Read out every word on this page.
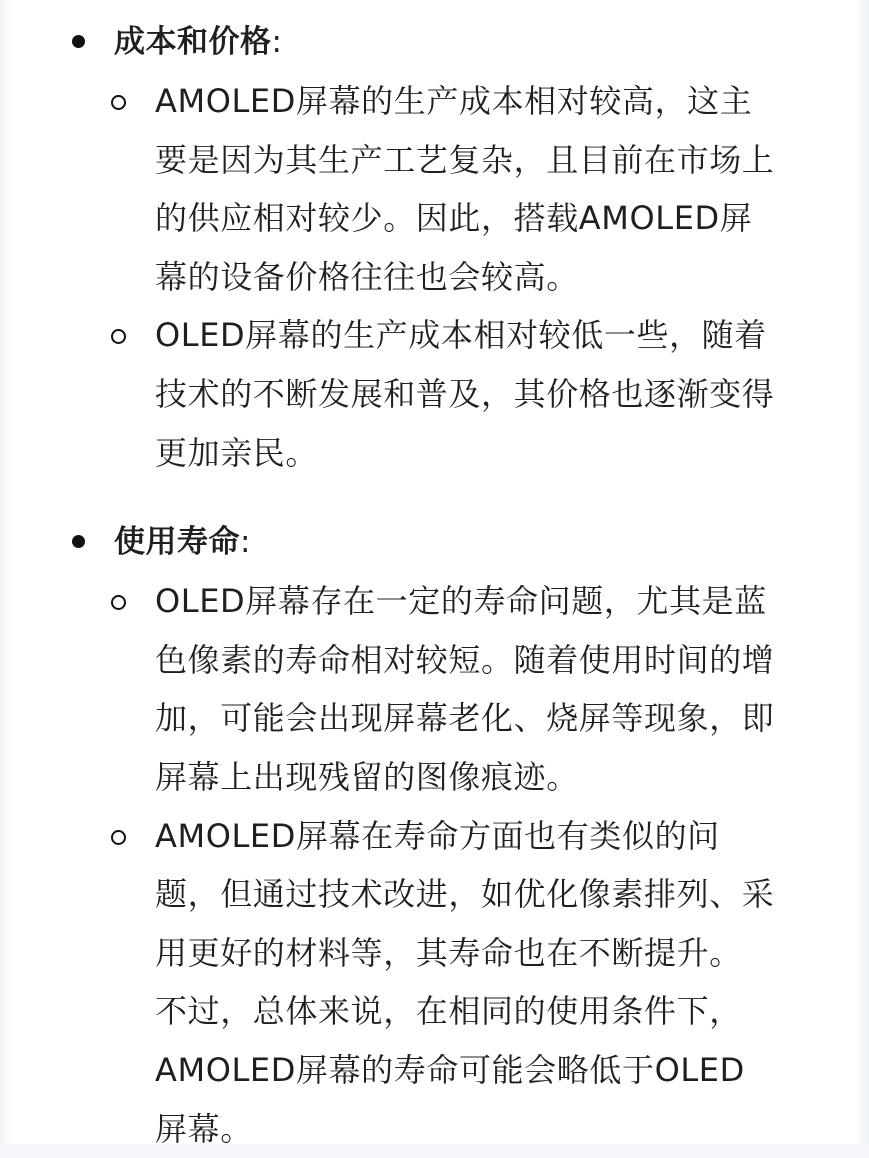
成本和价格:
AMOLED屏幕的生产成本相对较高，这主
要是因为其生产工艺复杂，且目前在市场上
的供应相对较少。因此，搭载AMOLED屏
幕的设备价格往往也会较高。
OLED屏幕的生产成本相对较低一些，随着
技术的不断发展和普及，其价格也逐渐变得
更加亲民。
使用寿命:
OLED屏幕存在一定的寿命问题，尤其是蓝
色像素的寿命相对较短。随着使用时间的增
加，可能会出现屏幕老化、烧屏等现象，即
屏幕上出现残留的图像痕迹。
AMOLED屏幕在寿命方面也有类似的问
题，但通过技术改进，如优化像素排列、采
用更好的材料等，其寿命也在不断提升。
不过，总体来说，在相同的使用条件下，
AMOLED屏幕的寿命可能会略低于OLED
屏幕。
